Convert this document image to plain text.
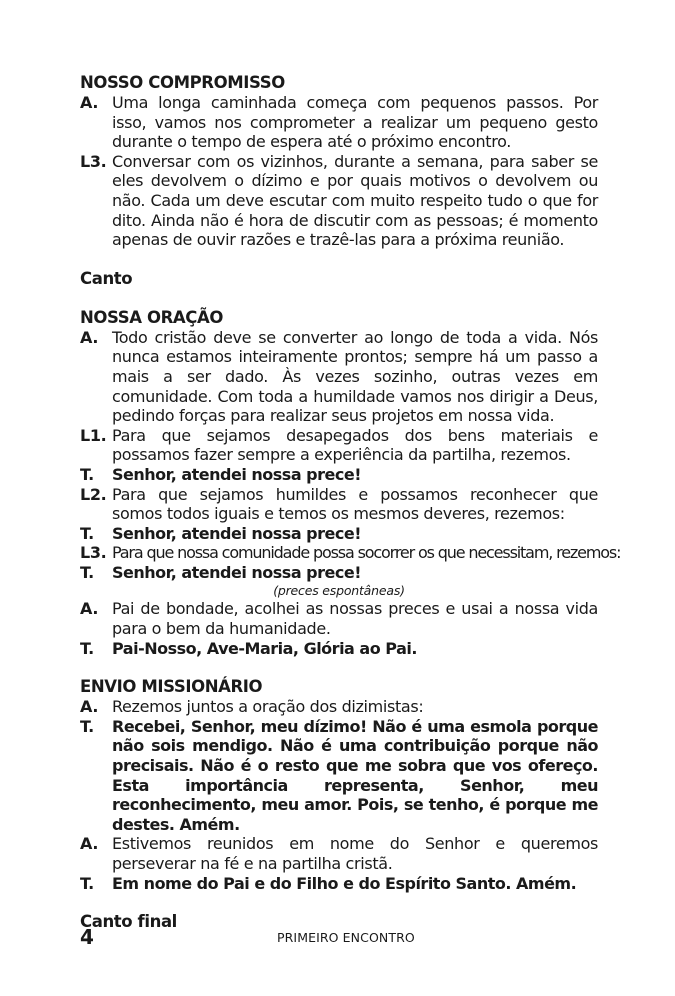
NOSSO COMPROMISSO
A. Uma longa caminhada começa com pequenos passos. Por isso, vamos nos comprometer a realizar um pequeno gesto durante o tempo de espera até o próximo encontro.
L3. Conversar com os vizinhos, durante a semana, para saber se eles devolvem o dízimo e por quais motivos o devolvem ou não. Cada um deve escutar com muito respeito tudo o que for dito. Ainda não é hora de discutir com as pessoas; é momento apenas de ouvir razões e trazê-las para a próxima reunião.
Canto
NOSSA ORAÇÃO
A. Todo cristão deve se converter ao longo de toda a vida. Nós nunca estamos inteiramente prontos; sempre há um passo a mais a ser dado. Às vezes sozinho, outras vezes em comunidade. Com toda a humildade vamos nos dirigir a Deus, pedindo forças para realizar seus projetos em nossa vida.
L1. Para que sejamos desapegados dos bens materiais e possamos fazer sempre a experiência da partilha, rezemos.
T.	Senhor, atendei nossa prece!
L2. Para que sejamos humildes e possamos reconhecer que somos todos iguais e temos os mesmos deveres, rezemos:
T.	Senhor, atendei nossa prece!
L3. Para que nossa comunidade possa socorrer os que necessitam, rezemos:
T.	Senhor, atendei nossa prece!
(preces espontâneas)
A. Pai de bondade, acolhei as nossas preces e usai a nossa vida para o bem da humanidade.
T.	Pai-Nosso, Ave-Maria, Glória ao Pai.
ENVIO MISSIONÁRIO
A. Rezemos juntos a oração dos dizimistas:
T.	Recebei, Senhor, meu dízimo! Não é uma esmola porque não sois mendigo. Não é uma contribuição porque não precisais. Não é o resto que me sobra que vos ofereço. Esta importância representa, Senhor, meu reconhecimento, meu amor. Pois, se tenho, é porque me destes. Amém.
A. Estivemos reunidos em nome do Senhor e queremos perseverar na fé e na partilha cristã.
T.	Em nome do Pai e do Filho e do Espírito Santo. Amém.
Canto final
4	PRIMEIRO ENCONTRO
